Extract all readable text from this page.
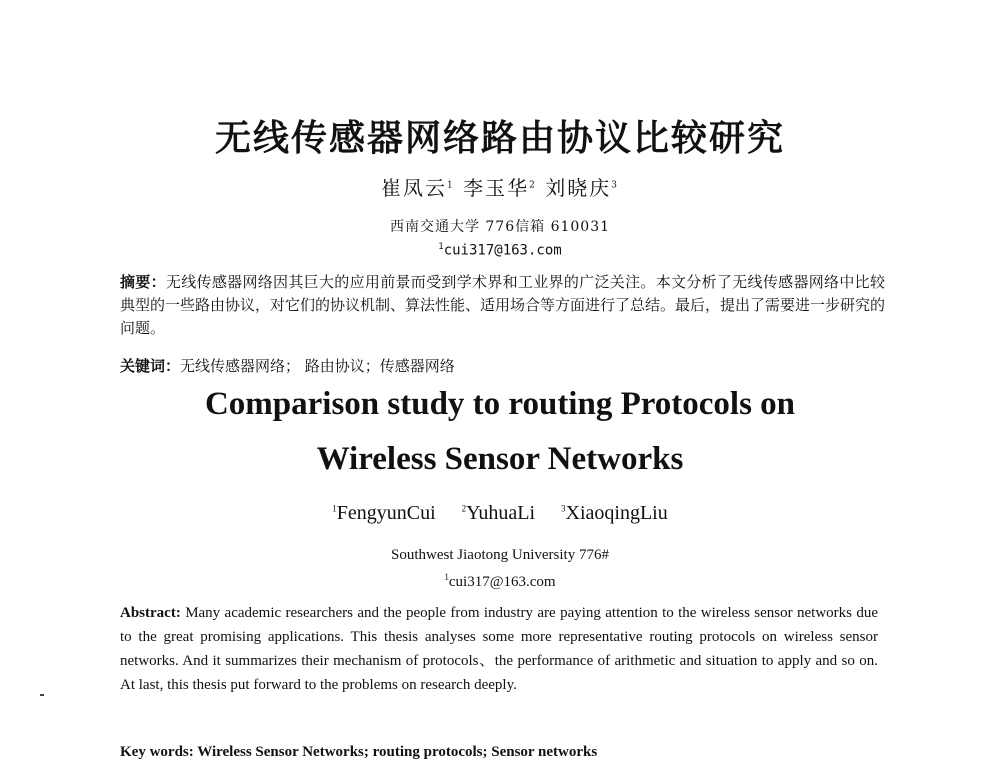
无线传感器网络路由协议比较研究
崔凤云$^1$ 李玉华$^2$ 刘晓庆$^3$
西南交通大学 776信箱 610031
$^1$cui317@163.com
摘要：无线传感器网络因其巨大的应用前景而受到学术界和工业界的广泛关注。本文分析了无线传感器网络中比较典型的一些路由协议，对它们的协议机制、算法性能、适用场合等方面进行了总结。最后，提出了需要进一步研究的问题。
关键词：无线传感器网络； 路由协议；传感器网络
Comparison study to routing Protocols on
Wireless Sensor Networks
$^1$FengyunCui	$^2$YuhuaLi	$^3$XiaoqingLiu
Southwest Jiaotong University 776#
$^1$cui317@163.com
Abstract: Many academic researchers and the people from industry are paying attention to the wireless sensor networks due to the great promising applications. This thesis analyses some more representative routing protocols on wireless sensor networks. And it summarizes their mechanism of protocols、the performance of arithmetic and situation to apply and so on. At last, this thesis put forward to the problems on research deeply.
Key words: Wireless Sensor Networks; routing protocols; Sensor networks
